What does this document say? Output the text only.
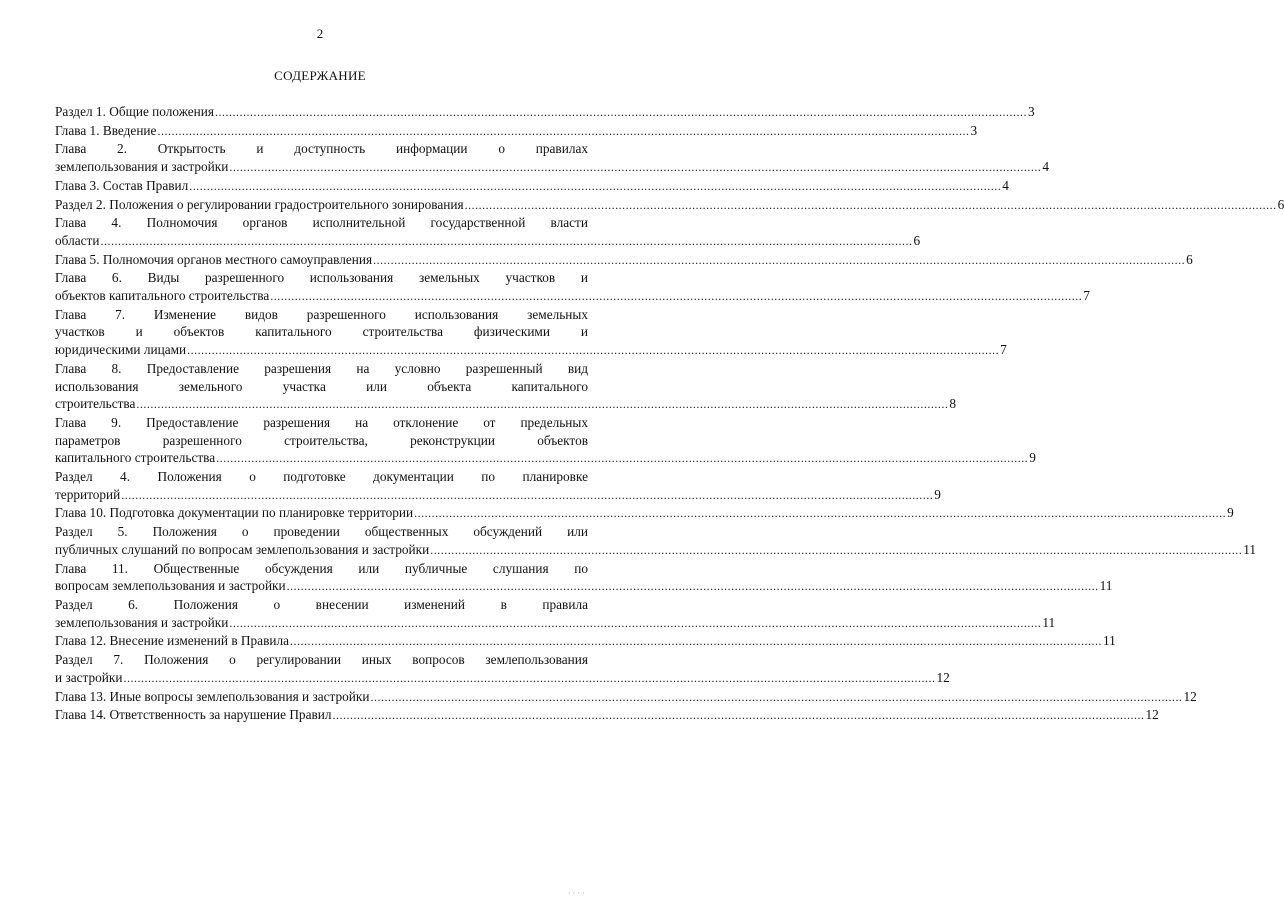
2
СОДЕРЖАНИЕ
Раздел 1. Общие положения .....	3
Глава 1. Введение .....	3
Глава 2. Открытость и доступность информации о правилах
землепользования и застройки .....	4
Глава 3. Состав Правил .....	4
Раздел 2. Положения о регулировании градостроительного зонирования .....	6
Глава 4. Полномочия органов исполнительной государственной власти
области .....	6
Глава 5. Полномочия органов местного самоуправления .....	6
Глава 6. Виды разрешенного использования земельных участков и
объектов капитального строительства .....	7
Глава 7. Изменение видов разрешенного использования земельных
участков и объектов капитального строительства физическими и
юридическими лицами .....	7
Глава 8. Предоставление разрешения на условно разрешенный вид
использования земельного участка или объекта капитального
строительства .....	8
Глава 9. Предоставление разрешения на отклонение от предельных
параметров разрешенного строительства, реконструкции объектов
капитального строительства .....	9
Раздел 4. Положения о подготовке документации по планировке
территорий .....	9
Глава 10. Подготовка документации по планировке территории .....	9
Раздел 5. Положения о проведении общественных обсуждений или
публичных слушаний по вопросам землепользования и застройки .....	11
Глава 11. Общественные обсуждения или публичные слушания по
вопросам землепользования и застройки .....	11
Раздел 6. Положения о внесении изменений в правила
землепользования и застройки .....	11
Глава 12. Внесение изменений в Правила .....	11
Раздел 7. Положения о регулировании иных вопросов землепользования
и застройки .....	12
Глава 13. Иные вопросы землепользования и застройки .....	12
Глава 14. Ответственность за нарушение Правил .....	12
· · · ·
